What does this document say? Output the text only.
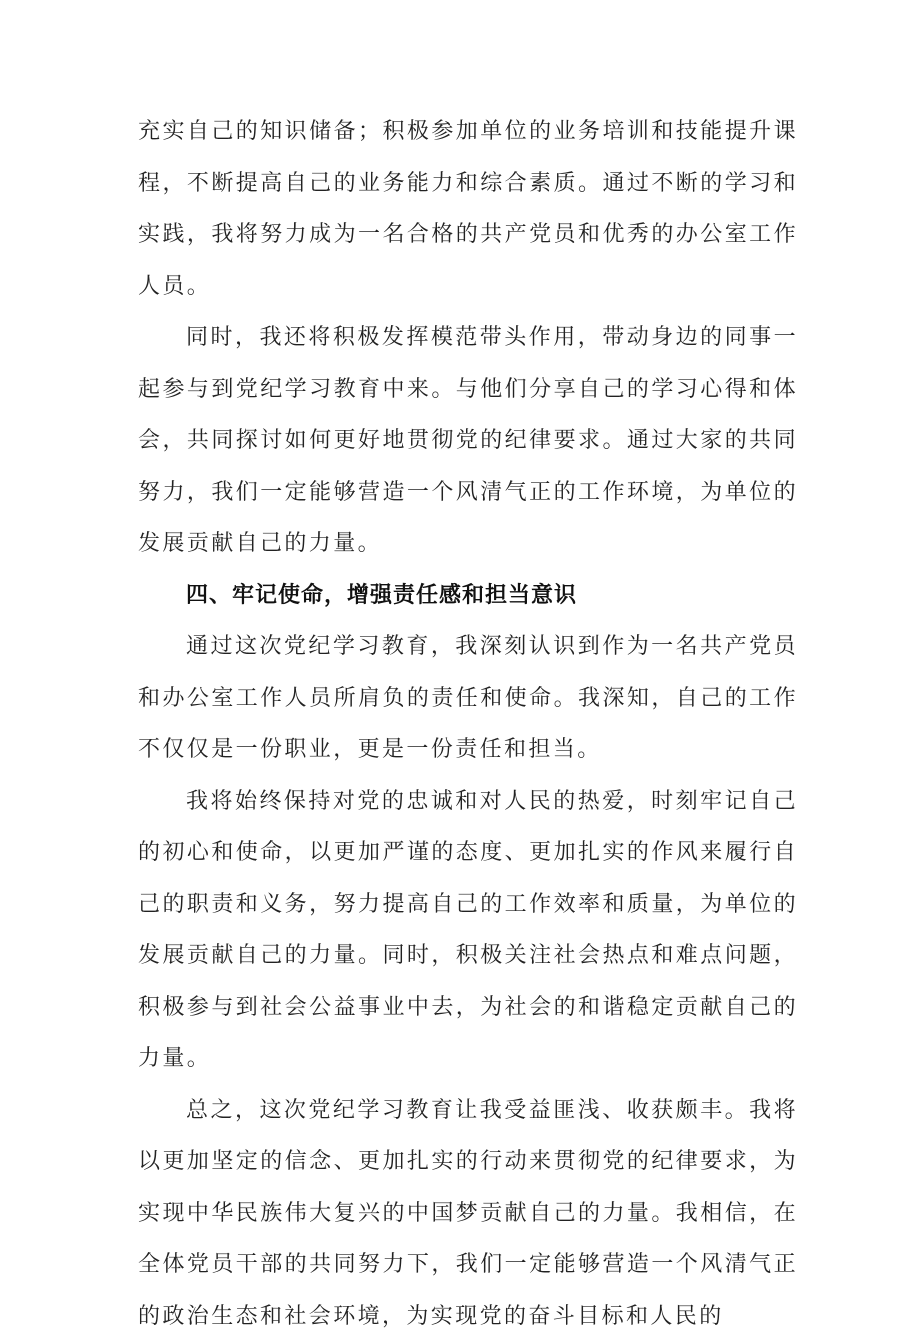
充实自己的知识储备；积极参加单位的业务培训和技能提升课程，不断提高自己的业务能力和综合素质。通过不断的学习和实践，我将努力成为一名合格的共产党员和优秀的办公室工作人员。

同时，我还将积极发挥模范带头作用，带动身边的同事一起参与到党纪学习教育中来。与他们分享自己的学习心得和体会，共同探讨如何更好地贯彻党的纪律要求。通过大家的共同努力，我们一定能够营造一个风清气正的工作环境，为单位的发展贡献自己的力量。

四、牢记使命，增强责任感和担当意识

通过这次党纪学习教育，我深刻认识到作为一名共产党员和办公室工作人员所肩负的责任和使命。我深知，自己的工作不仅仅是一份职业，更是一份责任和担当。

我将始终保持对党的忠诚和对人民的热爱，时刻牢记自己的初心和使命，以更加严谨的态度、更加扎实的作风来履行自己的职责和义务，努力提高自己的工作效率和质量，为单位的发展贡献自己的力量。同时，积极关注社会热点和难点问题，积极参与到社会公益事业中去，为社会的和谐稳定贡献自己的力量。

总之，这次党纪学习教育让我受益匪浅、收获颇丰。我将以更加坚定的信念、更加扎实的行动来贯彻党的纪律要求，为实现中华民族伟大复兴的中国梦贡献自己的力量。我相信，在全体党员干部的共同努力下，我们一定能够营造一个风清气正的政治生态和社会环境，为实现党的奋斗目标和人民的
